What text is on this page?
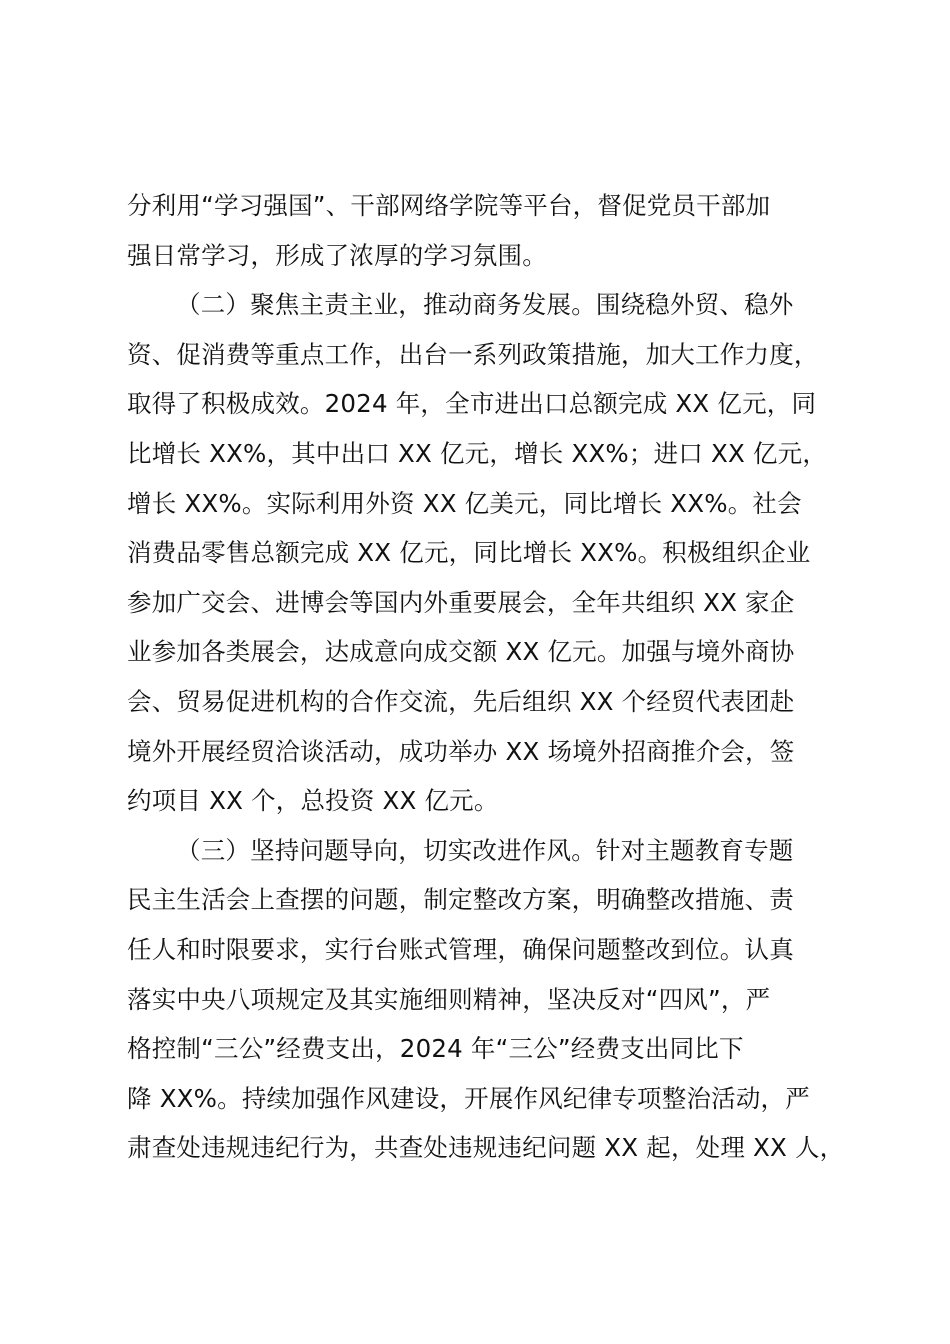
分利用“学习强国”、干部网络学院等平台，督促党员干部加
强日常学习，形成了浓厚的学习氛围。
（二）聚焦主责主业，推动商务发展。围绕稳外贸、稳外
资、促消费等重点工作，出台一系列政策措施，加大工作力度，
取得了积极成效。2024 年，全市进出口总额完成 XX 亿元，同
比增长 XX%，其中出口 XX 亿元，增长 XX%；进口 XX 亿元，
增长 XX%。实际利用外资 XX 亿美元，同比增长 XX%。社会
消费品零售总额完成 XX 亿元，同比增长 XX%。积极组织企业
参加广交会、进博会等国内外重要展会，全年共组织 XX 家企
业参加各类展会，达成意向成交额 XX 亿元。加强与境外商协
会、贸易促进机构的合作交流，先后组织 XX 个经贸代表团赴
境外开展经贸洽谈活动，成功举办 XX 场境外招商推介会，签
约项目 XX 个，总投资 XX 亿元。
（三）坚持问题导向，切实改进作风。针对主题教育专题
民主生活会上查摆的问题，制定整改方案，明确整改措施、责
任人和时限要求，实行台账式管理，确保问题整改到位。认真
落实中央八项规定及其实施细则精神，坚决反对“四风”，严
格控制“三公”经费支出，2024 年“三公”经费支出同比下
降 XX%。持续加强作风建设，开展作风纪律专项整治活动，严
肃查处违规违纪行为，共查处违规违纪问题 XX 起，处理 XX 人，
